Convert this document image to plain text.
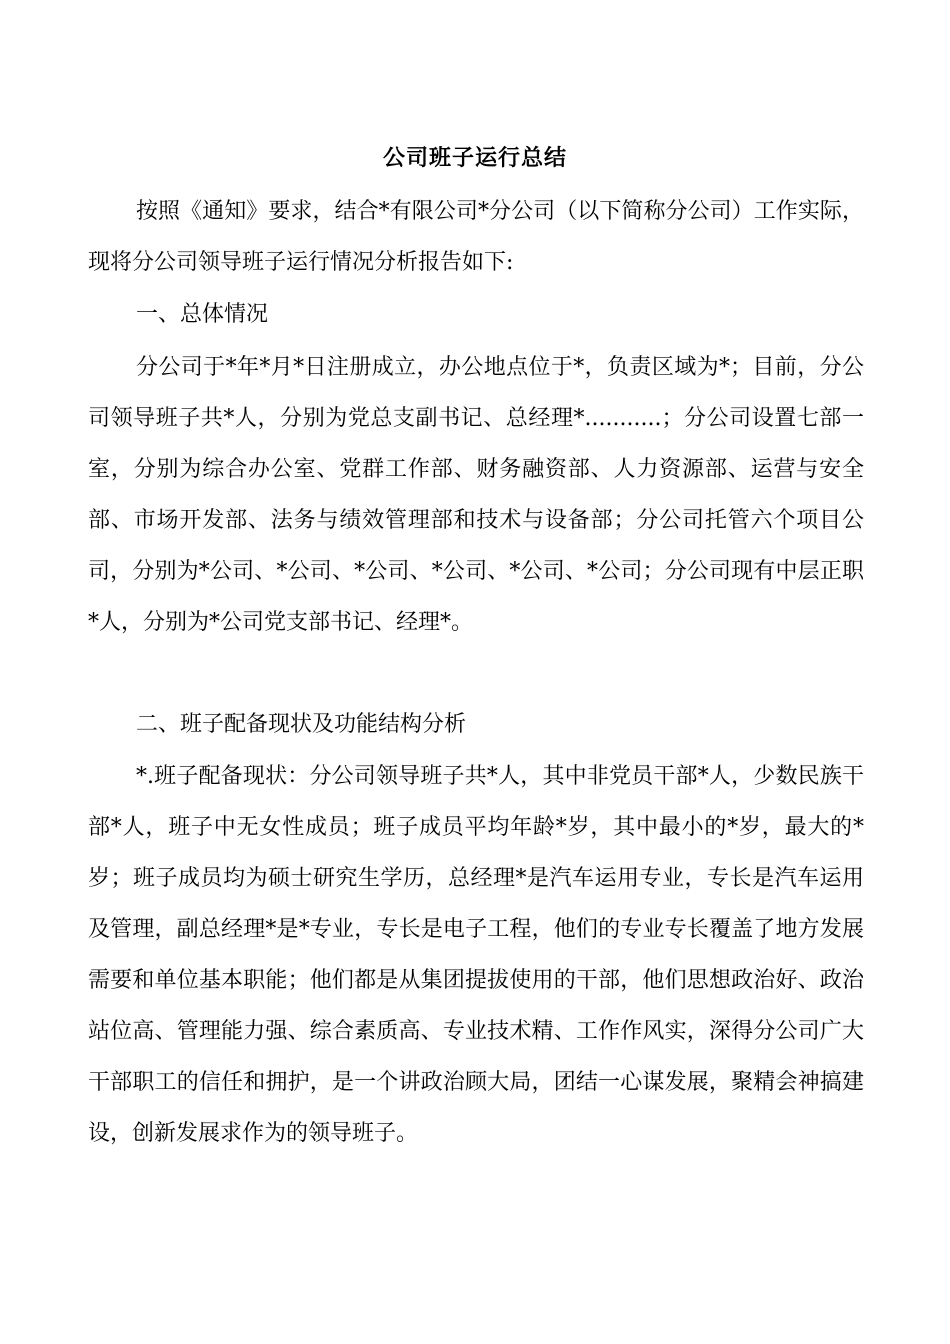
公司班子运行总结

按照《通知》要求，结合*有限公司*分公司（以下简称分公司）工作实际，现将分公司领导班子运行情况分析报告如下:

一、总体情况

分公司于*年*月*日注册成立，办公地点位于*，负责区域为*；目前，分公司领导班子共*人，分别为党总支副书记、总经理*...........；分公司设置七部一室，分别为综合办公室、党群工作部、财务融资部、人力资源部、运营与安全部、市场开发部、法务与绩效管理部和技术与设备部；分公司托管六个项目公司，分别为*公司、*公司、*公司、*公司、*公司、*公司；分公司现有中层正职*人，分别为*公司党支部书记、经理*。

二、班子配备现状及功能结构分析

*.班子配备现状：分公司领导班子共*人，其中非党员干部*人，少数民族干部*人，班子中无女性成员；班子成员平均年龄*岁，其中最小的*岁，最大的*岁；班子成员均为硕士研究生学历，总经理*是汽车运用专业，专长是汽车运用及管理，副总经理*是*专业，专长是电子工程，他们的专业专长覆盖了地方发展需要和单位基本职能；他们都是从集团提拔使用的干部，他们思想政治好、政治站位高、管理能力强、综合素质高、专业技术精、工作作风实，深得分公司广大干部职工的信任和拥护，是一个讲政治顾大局，团结一心谋发展，聚精会神搞建设，创新发展求作为的领导班子。
